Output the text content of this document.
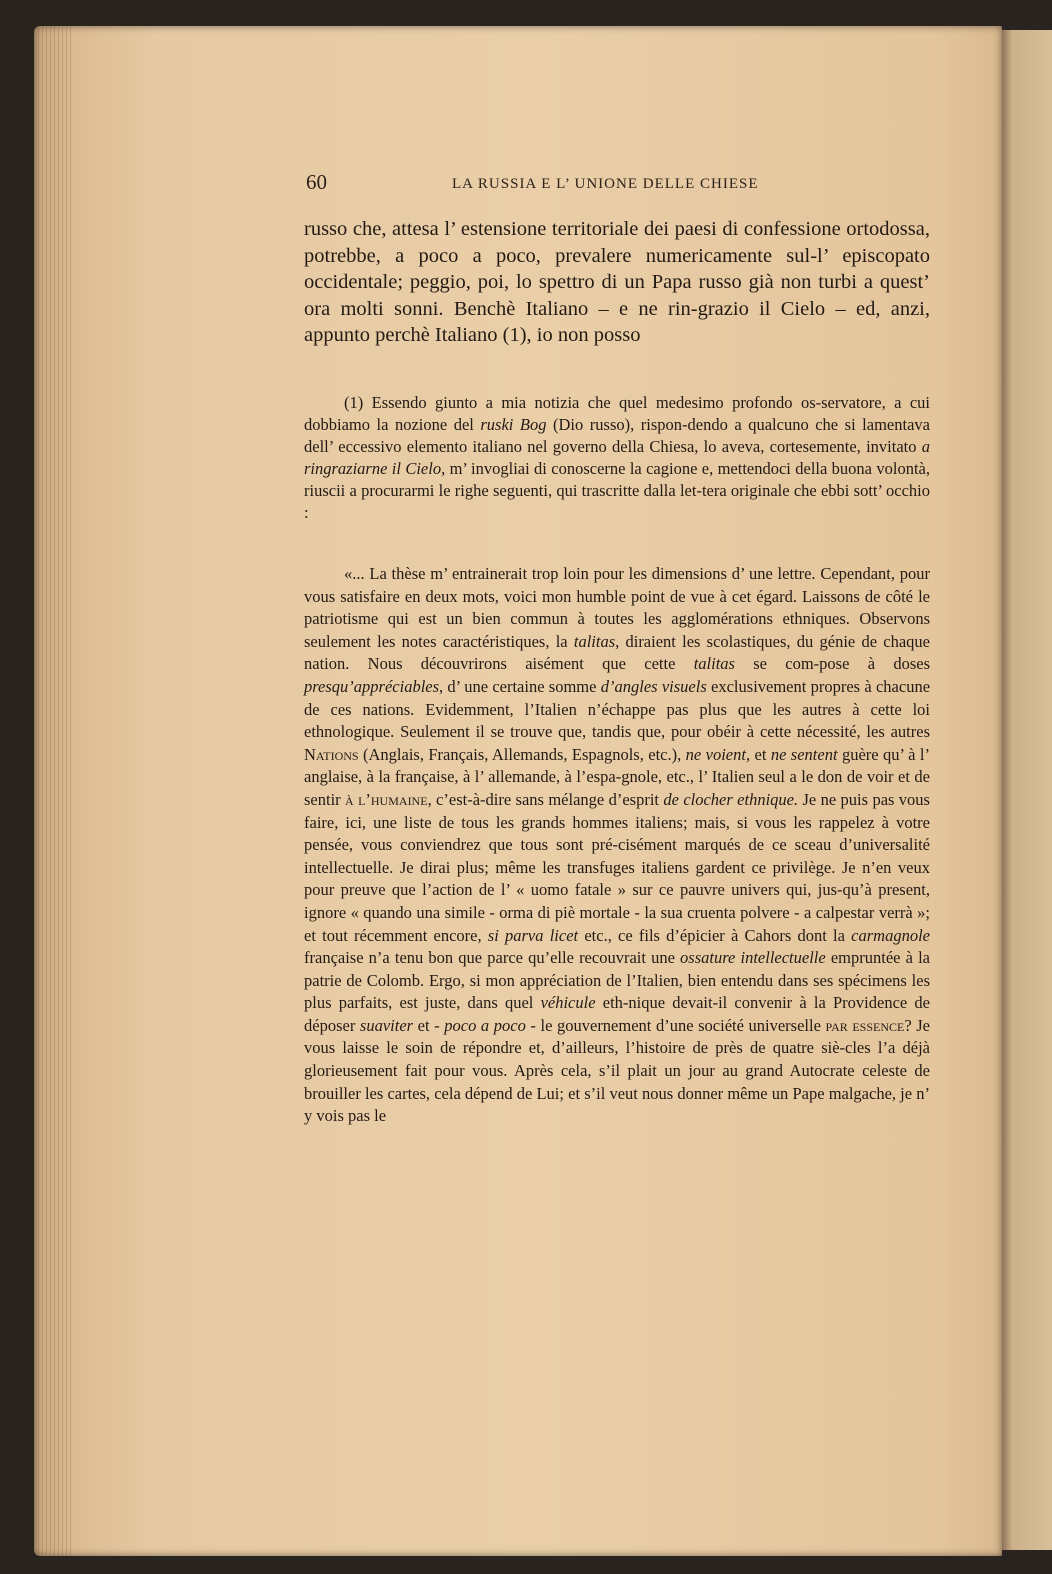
60	LA RUSSIA E L’ UNIONE DELLE CHIESE

russo che, attesa l’ estensione territoriale dei paesi di confessione ortodossa, potrebbe, a poco a poco, prevalere numericamente sul-l’ episcopato occidentale; peggio, poi, lo spettro di un Papa russo già non turbi a quest’ ora molti sonni. Benchè Italiano – e ne rin-grazio il Cielo – ed, anzi, appunto perchè Italiano (1), io non posso

(1) Essendo giunto a mia notizia che quel medesimo profondo os-servatore, a cui dobbiamo la nozione del ruski Bog (Dio russo), rispon-dendo a qualcuno che si lamentava dell’ eccessivo elemento italiano nel governo della Chiesa, lo aveva, cortesemente, invitato a ringraziarne il Cielo, m’ invogliai di conoscerne la cagione e, mettendoci della buona volontà, riuscii a procurarmi le righe seguenti, qui trascritte dalla let-tera originale che ebbi sott’ occhio :

«... La thèse m’ entrainerait trop loin pour les dimensions d’ une lettre. Cependant, pour vous satisfaire en deux mots, voici mon humble point de vue à cet égard. Laissons de côté le patriotisme qui est un bien commun à toutes les agglomérations ethniques. Observons seulement les notes caractéristiques, la talitas, diraient les scolastiques, du génie de chaque nation. Nous découvrirons aisément que cette talitas se com-pose à doses presqu’appréciables, d’ une certaine somme d’angles visuels exclusivement propres à chacune de ces nations. Evidemment, l’Italien n’échappe pas plus que les autres à cette loi ethnologique. Seulement il se trouve que, tandis que, pour obéir à cette nécessité, les autres Nations (Anglais, Français, Allemands, Espagnols, etc.), ne voient, et ne sentent guère qu’ à l’ anglaise, à la française, à l’ allemande, à l’espa-gnole, etc., l’ Italien seul a le don de voir et de sentir à l’humaine, c’est-à-dire sans mélange d’esprit de clocher ethnique. Je ne puis pas vous faire, ici, une liste de tous les grands hommes italiens; mais, si vous les rappelez à votre pensée, vous conviendrez que tous sont pré-cisément marqués de ce sceau d’universalité intellectuelle. Je dirai plus; même les transfuges italiens gardent ce privilège. Je n’en veux pour preuve que l’action de l’ « uomo fatale » sur ce pauvre univers qui, jus-qu’à present, ignore « quando una simile - orma di piè mortale - la sua cruenta polvere - a calpestar verrà »; et tout récemment encore, si parva licet etc., ce fils d’épicier à Cahors dont la carmagnole française n’a tenu bon que parce qu’elle recouvrait une ossature intellectuelle empruntée à la patrie de Colomb. Ergo, si mon appréciation de l’Italien, bien entendu dans ses spécimens les plus parfaits, est juste, dans quel véhicule eth-nique devait-il convenir à la Providence de déposer suaviter et - poco a poco - le gouvernement d’une société universelle par essence? Je vous laisse le soin de répondre et, d’ailleurs, l’histoire de près de quatre siè-cles l’a déjà glorieusement fait pour vous. Après cela, s’il plait un jour au grand Autocrate celeste de brouiller les cartes, cela dépend de Lui; et s’il veut nous donner même un Pape malgache, je n’ y vois pas le
